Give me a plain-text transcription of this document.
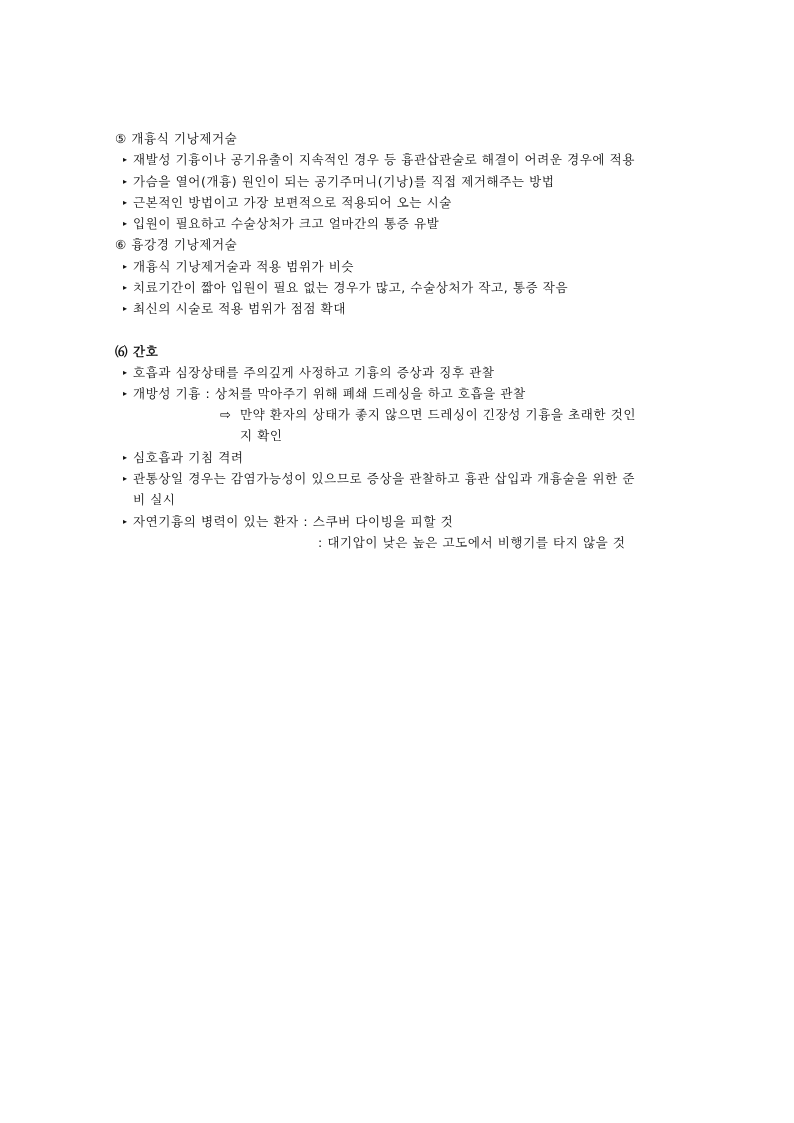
⑤ 개흉식 기낭제거술
▸ 재발성 기흉이나 공기유출이 지속적인 경우 등 흉관삽관술로 해결이 어려운 경우에 적용
▸ 가슴을 열어(개흉) 원인이 되는 공기주머니(기낭)를 직접 제거해주는 방법
▸ 근본적인 방법이고 가장 보편적으로 적용되어 오는 시술
▸ 입원이 필요하고 수술상처가 크고 얼마간의 통증 유발
⑥ 흉강경 기낭제거술
▸ 개흉식 기낭제거술과 적용 범위가 비슷
▸ 치료기간이 짧아 입원이 필요 없는 경우가 많고, 수술상처가 작고, 통증 작음
▸ 최신의 시술로 적용 범위가 점점 확대
⑹ 간호
▸ 호흡과 심장상태를 주의깊게 사정하고 기흉의 증상과 징후 관찰
▸ 개방성 기흉 : 상처를 막아주기 위해 폐쇄 드레싱을 하고 호흡을 관찰
⇨ 만약 환자의 상태가 좋지 않으면 드레싱이 긴장성 기흉을 초래한 것인
지 확인
▸ 심호흡과 기침 격려
▸ 관통상일 경우는 감염가능성이 있으므로 증상을 관찰하고 흉관 삽입과 개흉술을 위한 준
비 실시
▸ 자연기흉의 병력이 있는 환자 : 스쿠버 다이빙을 피할 것
: 대기압이 낮은 높은 고도에서 비행기를 타지 않을 것
